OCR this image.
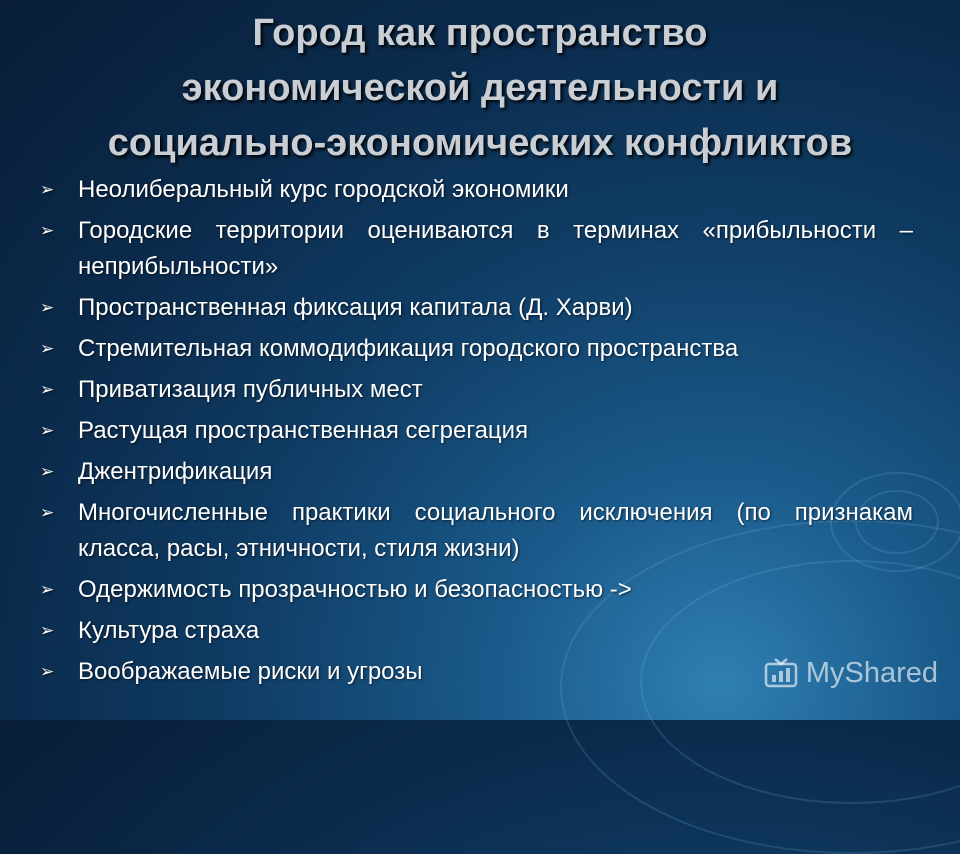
Город как пространство
экономической деятельности и
социально-экономических конфликтов
➢ Неолиберальный курс городской экономики
➢ Городские территории оцениваются в терминах «прибыльности – неприбыльности»
➢ Пространственная фиксация капитала (Д. Харви)
➢ Стремительная коммодификация городского пространства
➢ Приватизация публичных мест
➢ Растущая пространственная сегрегация
➢ Джентрификация
➢ Многочисленные практики социального исключения (по признакам класса, расы, этничности, стиля жизни)
➢ Одержимость прозрачностью и безопасностью ->
➢ Культура страха
➢ Воображаемые риски и угрозы	MyShared
